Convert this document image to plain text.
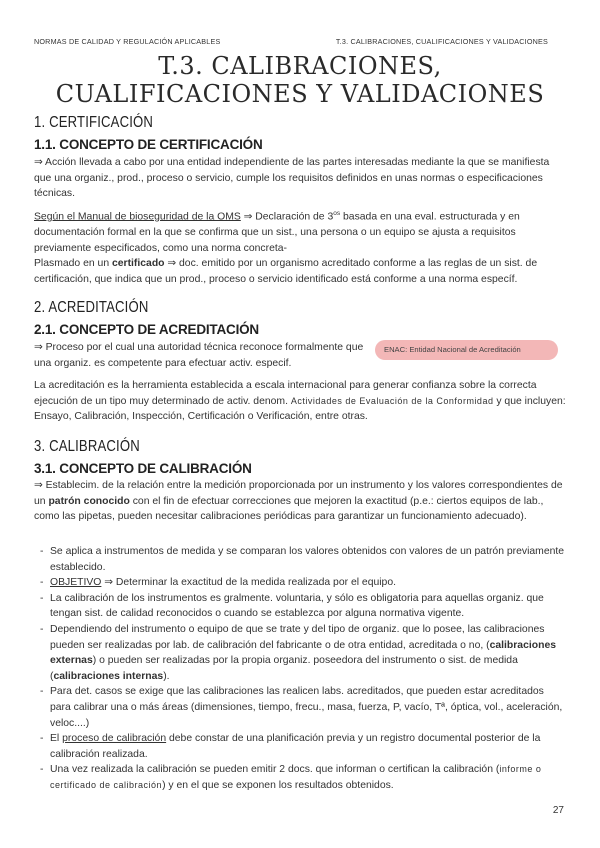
NORMAS DE CALIDAD Y REGULACIÓN APLICABLES	T.3. CALIBRACIONES, CUALIFICACIONES Y VALIDACIONES
T.3. CALIBRACIONES, CUALIFICACIONES Y VALIDACIONES
1. CERTIFICACIÓN
1.1. CONCEPTO DE CERTIFICACIÓN
⇒ Acción llevada a cabo por una entidad independiente de las partes interesadas mediante la que se manifiesta que una organiz., prod., proceso o servicio, cumple los requisitos definidos en unas normas o especificaciones técnicas.
Según el Manual de bioseguridad de la OMS ⇒ Declaración de $3^{os}$ basada en una eval. estructurada y en documentación formal en la que se confirma que un sist., una persona o un equipo se ajusta a requisitos previamente especificados, como una norma concreta-
Plasmado en un certificado ⇒ doc. emitido por un organismo acreditado conforme a las reglas de un sist. de certificación, que indica que un prod., proceso o servicio identificado está conforme a una norma específ.
2. ACREDITACIÓN
2.1. CONCEPTO DE ACREDITACIÓN
⇒ Proceso por el cual una autoridad técnica reconoce formalmente que una organiz. es competente para efectuar activ. especif.
ENAC: Entidad Nacional de Acreditación
La acreditación es la herramienta establecida a escala internacional para generar confianza sobre la correcta ejecución de un tipo muy determinado de activ. denom. Actividades de Evaluación de la Conformidad y que incluyen: Ensayo, Calibración, Inspección, Certificación o Verificación, entre otras.
3. CALIBRACIÓN
3.1. CONCEPTO DE CALIBRACIÓN
⇒ Establecim. de la relación entre la medición proporcionada por un instrumento y los valores correspondientes de un patrón conocido con el fin de efectuar correcciones que mejoren la exactitud (p.e.: ciertos equipos de lab., como las pipetas, pueden necesitar calibraciones periódicas para garantizar un funcionamiento adecuado).
- Se aplica a instrumentos de medida y se comparan los valores obtenidos con valores de un patrón previamente establecido.
- OBJETIVO ⇒ Determinar la exactitud de la medida realizada por el equipo.
- La calibración de los instrumentos es gralmente. voluntaria, y sólo es obligatoria para aquellas organiz. que tengan sist. de calidad reconocidos o cuando se establezca por alguna normativa vigente.
- Dependiendo del instrumento o equipo de que se trate y del tipo de organiz. que lo posee, las calibraciones pueden ser realizadas por lab. de calibración del fabricante o de otra entidad, acreditada o no, (calibraciones externas) o pueden ser realizadas por la propia organiz. poseedora del instrumento o sist. de medida (calibraciones internas).
- Para det. casos se exige que las calibraciones las realicen labs. acreditados, que pueden estar acreditados para calibrar una o más áreas (dimensiones, tiempo, frecu., masa, fuerza, P, vacío, Tª, óptica, vol., aceleración, veloc....)
- El proceso de calibración debe constar de una planificación previa y un registro documental posterior de la calibración realizada.
- Una vez realizada la calibración se pueden emitir 2 docs. que informan o certifican la calibración (informe o certificado de calibración) y en el que se exponen los resultados obtenidos.
27
